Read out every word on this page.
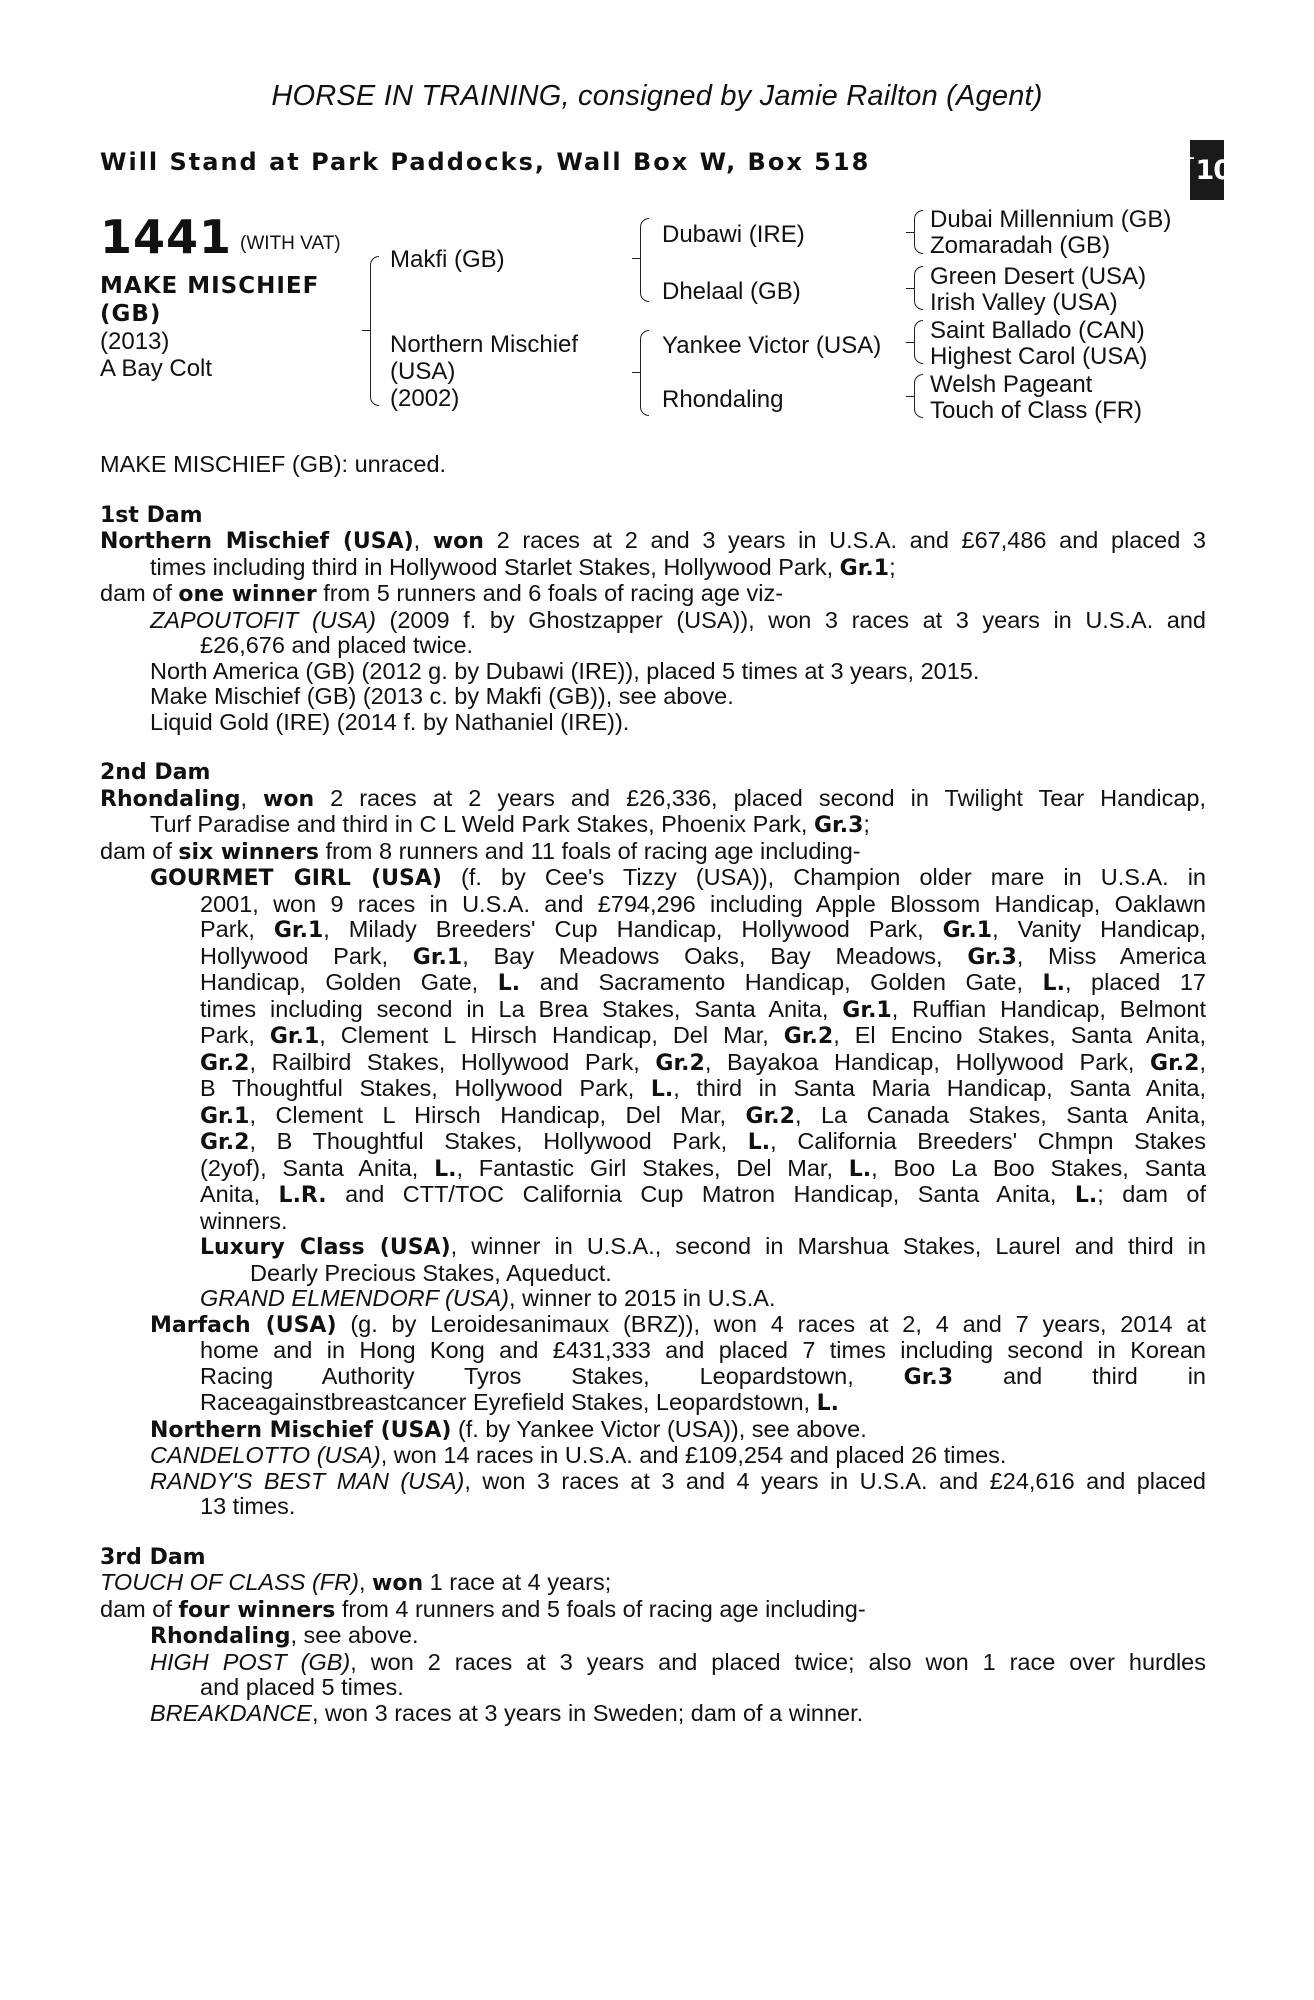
HORSE IN TRAINING, consigned by Jamie Railton (Agent)
Will Stand at Park Paddocks, Wall Box W, Box 518	+ 10
1441 (WITH VAT)
MAKE MISCHIEF
(GB)
(2013)
A Bay Colt
Makfi (GB)
Northern Mischief
(USA)
(2002)
Dubawi (IRE)
Dhelaal (GB)
Yankee Victor (USA)
Rhondaling
Dubai Millennium (GB)
Zomaradah (GB)
Green Desert (USA)
Irish Valley (USA)
Saint Ballado (CAN)
Highest Carol (USA)
Welsh Pageant
Touch of Class (FR)
MAKE MISCHIEF (GB): unraced.
1st Dam
Northern Mischief (USA), won 2 races at 2 and 3 years in U.S.A. and £67,486 and placed 3
times including third in Hollywood Starlet Stakes, Hollywood Park, Gr.1;
dam of one winner from 5 runners and 6 foals of racing age viz-
ZAPOUTOFIT (USA) (2009 f. by Ghostzapper (USA)), won 3 races at 3 years in U.S.A. and
£26,676 and placed twice.
North America (GB) (2012 g. by Dubawi (IRE)), placed 5 times at 3 years, 2015.
Make Mischief (GB) (2013 c. by Makfi (GB)), see above.
Liquid Gold (IRE) (2014 f. by Nathaniel (IRE)).
2nd Dam
Rhondaling, won 2 races at 2 years and £26,336, placed second in Twilight Tear Handicap,
Turf Paradise and third in C L Weld Park Stakes, Phoenix Park, Gr.3;
dam of six winners from 8 runners and 11 foals of racing age including-
GOURMET GIRL (USA) (f. by Cee's Tizzy (USA)), Champion older mare in U.S.A. in
2001, won 9 races in U.S.A. and £794,296 including Apple Blossom Handicap, Oaklawn
Park, Gr.1, Milady Breeders' Cup Handicap, Hollywood Park, Gr.1, Vanity Handicap,
Hollywood Park, Gr.1, Bay Meadows Oaks, Bay Meadows, Gr.3, Miss America
Handicap, Golden Gate, L. and Sacramento Handicap, Golden Gate, L., placed 17
times including second in La Brea Stakes, Santa Anita, Gr.1, Ruffian Handicap, Belmont
Park, Gr.1, Clement L Hirsch Handicap, Del Mar, Gr.2, El Encino Stakes, Santa Anita,
Gr.2, Railbird Stakes, Hollywood Park, Gr.2, Bayakoa Handicap, Hollywood Park, Gr.2,
B Thoughtful Stakes, Hollywood Park, L., third in Santa Maria Handicap, Santa Anita,
Gr.1, Clement L Hirsch Handicap, Del Mar, Gr.2, La Canada Stakes, Santa Anita,
Gr.2, B Thoughtful Stakes, Hollywood Park, L., California Breeders' Chmpn Stakes
(2yof), Santa Anita, L., Fantastic Girl Stakes, Del Mar, L., Boo La Boo Stakes, Santa
Anita, L.R. and CTT/TOC California Cup Matron Handicap, Santa Anita, L.; dam of
winners.
Luxury Class (USA), winner in U.S.A., second in Marshua Stakes, Laurel and third in
Dearly Precious Stakes, Aqueduct.
GRAND ELMENDORF (USA), winner to 2015 in U.S.A.
Marfach (USA) (g. by Leroidesanimaux (BRZ)), won 4 races at 2, 4 and 7 years, 2014 at
home and in Hong Kong and £431,333 and placed 7 times including second in Korean
Racing Authority Tyros Stakes, Leopardstown, Gr.3 and third in
Raceagainstbreastcancer Eyrefield Stakes, Leopardstown, L.
Northern Mischief (USA) (f. by Yankee Victor (USA)), see above.
CANDELOTTO (USA), won 14 races in U.S.A. and £109,254 and placed 26 times.
RANDY'S BEST MAN (USA), won 3 races at 3 and 4 years in U.S.A. and £24,616 and placed
13 times.
3rd Dam
TOUCH OF CLASS (FR), won 1 race at 4 years;
dam of four winners from 4 runners and 5 foals of racing age including-
Rhondaling, see above.
HIGH POST (GB), won 2 races at 3 years and placed twice; also won 1 race over hurdles
and placed 5 times.
BREAKDANCE, won 3 races at 3 years in Sweden; dam of a winner.
